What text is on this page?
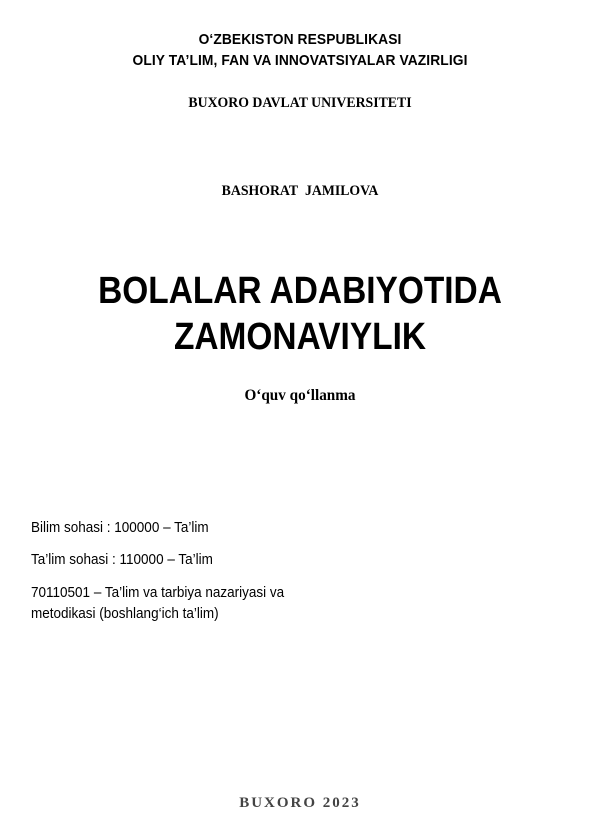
O‘ZBEKISTON RESPUBLIKASI
OLIY TA’LIM, FAN VA INNOVATSIYALAR VAZIRLIGI
BUXORO DAVLAT UNIVERSITETI
BASHORAT JAMILOVA
BOLALAR ADABIYOTIDA
ZAMONAVIYLIK
O‘quv qo‘llanma
Bilim sohasi : 100000 – Ta’lim
Ta’lim sohasi : 110000 – Ta’lim
70110501 – Ta’lim va tarbiya nazariyasi va
metodikasi (boshlang‘ich ta’lim)
BUXORO 2023
